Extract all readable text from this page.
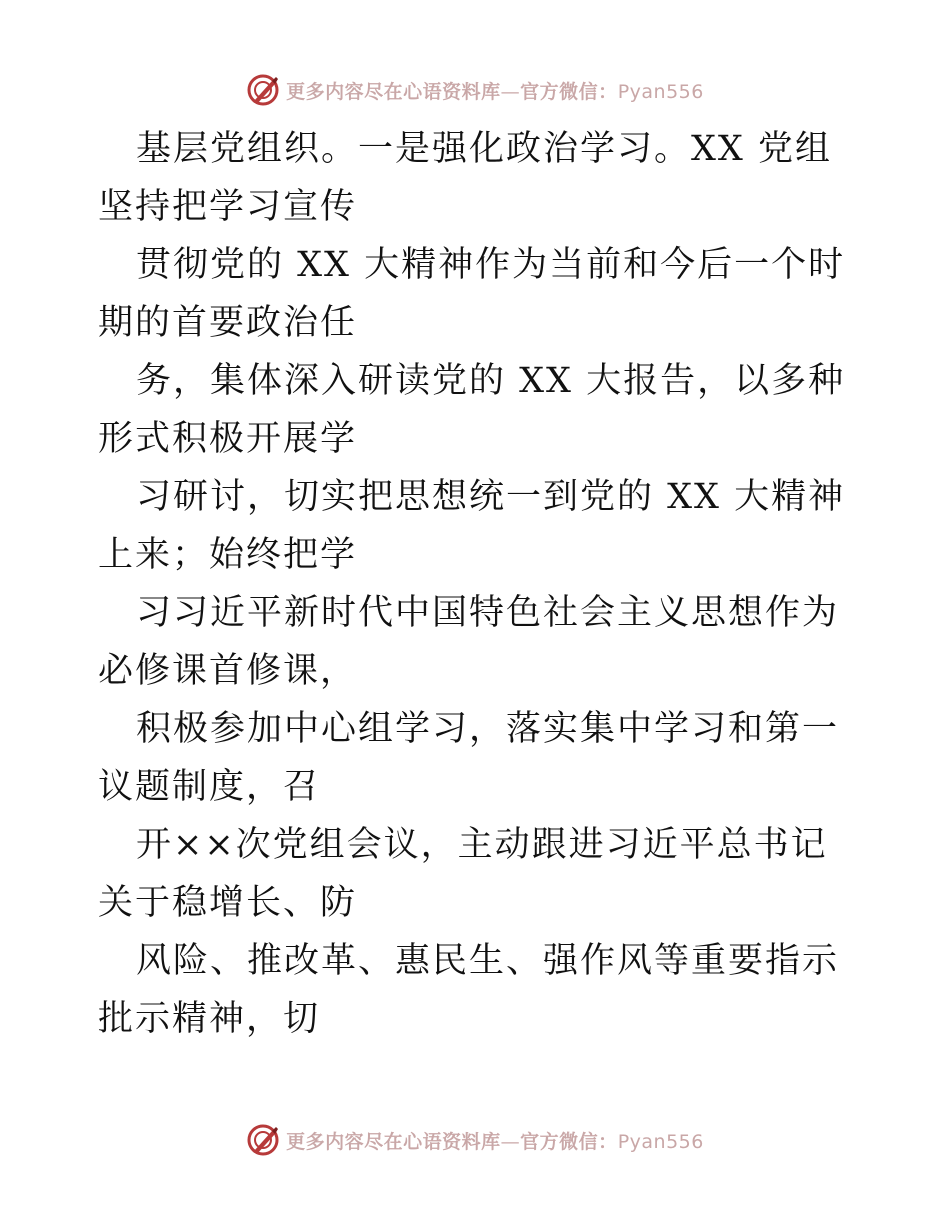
更多内容尽在心语资料库—官方微信：Pyan556

基层党组织。一是强化政治学习。XX 党组坚持把学习宣传

贯彻党的 XX 大精神作为当前和今后一个时期的首要政治任

务，集体深入研读党的 XX 大报告，以多种形式积极开展学

习研讨，切实把思想统一到党的 XX 大精神上来；始终把学

习习近平新时代中国特色社会主义思想作为必修课首修课，

积极参加中心组学习，落实集中学习和第一议题制度，召

开××次党组会议，主动跟进习近平总书记关于稳增长、防

风险、推改革、惠民生、强作风等重要指示批示精神，切

更多内容尽在心语资料库—官方微信：Pyan556
